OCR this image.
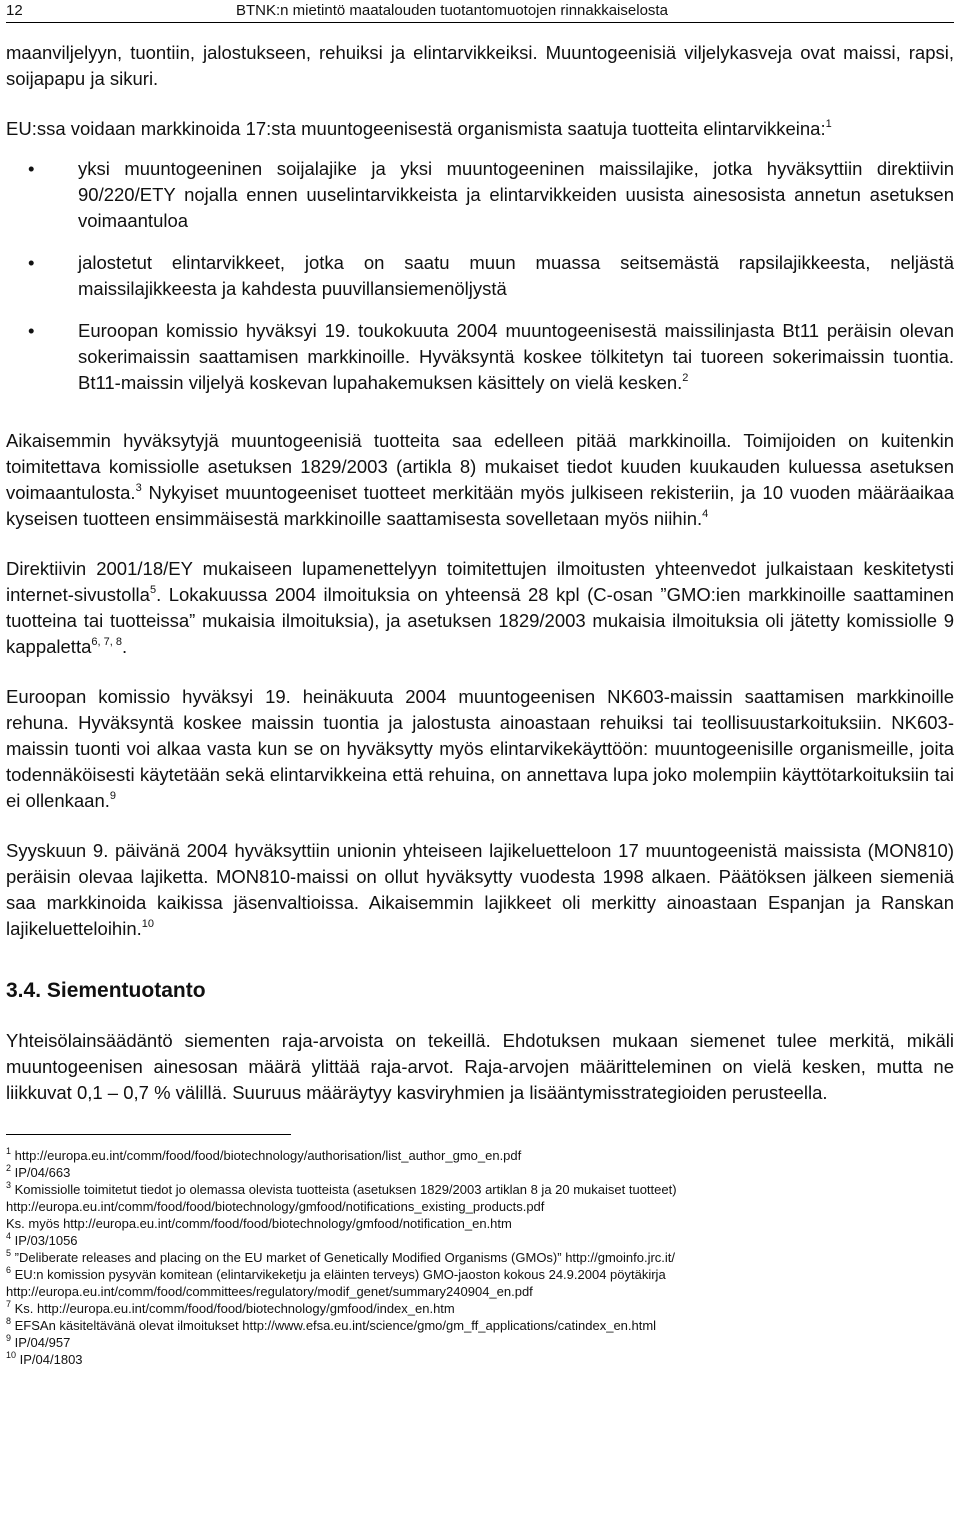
12	BTNK:n mietintö maatalouden tuotantomuotojen rinnakkaiselosta

maanviljelyyn, tuontiin, jalostukseen, rehuiksi ja elintarvikkeiksi. Muuntogeenisiä viljelykasveja ovat maissi, rapsi, soijapapu ja sikuri.

EU:ssa voidaan markkinoida 17:sta muuntogeenisestä organismista saatuja tuotteita elintarvikkeina:$^1$

• yksi muuntogeeninen soijalajike ja yksi muuntogeeninen maissilajike, jotka hyväksyttiin direktiivin 90/220/ETY nojalla ennen uuselintarvikkeista ja elintarvikkeiden uusista ainesosista annetun asetuksen voimaantuloa
• jalostetut elintarvikkeet, jotka on saatu muun muassa seitsemästä rapsilajikkeesta, neljästä maissilajikkeesta ja kahdesta puuvillansiemenöljystä
• Euroopan komissio hyväksyi 19. toukokuuta 2004 muuntogeenisestä maissilinjasta Bt11 peräisin olevan sokerimaissin saattamisen markkinoille. Hyväksyntä koskee tölkitetyn tai tuoreen sokerimaissin tuontia. Bt11-maissin viljelyä koskevan lupahakemuksen käsittely on vielä kesken.$^2$

Aikaisemmin hyväksytyjä muuntogeenisiä tuotteita saa edelleen pitää markkinoilla. Toimijoiden on kuitenkin toimitettava komissiolle asetuksen 1829/2003 (artikla 8) mukaiset tiedot kuuden kuukauden kuluessa asetuksen voimaantulosta.$^3$ Nykyiset muuntogeeniset tuotteet merkitään myös julkiseen rekisteriin, ja 10 vuoden määräaikaa kyseisen tuotteen ensimmäisestä markkinoille saattamisesta sovelletaan myös niihin.$^4$

Direktiivin 2001/18/EY mukaiseen lupamenettelyyn toimitettujen ilmoitusten yhteenvedot julkaistaan keskitetysti internet-sivustolla$^5$. Lokakuussa 2004 ilmoituksia on yhteensä 28 kpl (C-osan ”GMO:ien markkinoille saattaminen tuotteina tai tuotteissa” mukaisia ilmoituksia), ja asetuksen 1829/2003 mukaisia ilmoituksia oli jätetty komissiolle 9 kappaletta$^{6, 7, 8}$.

Euroopan komissio hyväksyi 19. heinäkuuta 2004 muuntogeenisen NK603-maissin saattamisen markkinoille rehuna. Hyväksyntä koskee maissin tuontia ja jalostusta ainoastaan rehuiksi tai teollisuustarkoituksiin. NK603-maissin tuonti voi alkaa vasta kun se on hyväksytty myös elintarvikekäyttöön: muuntogeenisille organismeille, joita todennäköisesti käytetään sekä elintarvikkeina että rehuina, on annettava lupa joko molempiin käyttötarkoituksiin tai ei ollenkaan.$^9$

Syyskuun 9. päivänä 2004 hyväksyttiin unionin yhteiseen lajikeluetteloon 17 muuntogeenistä maissista (MON810) peräisin olevaa lajiketta. MON810-maissi on ollut hyväksytty vuodesta 1998 alkaen. Päätöksen jälkeen siemeniä saa markkinoida kaikissa jäsenvaltioissa. Aikaisemmin lajikkeet oli merkitty ainoastaan Espanjan ja Ranskan lajikeluetteloihin.$^{10}$

3.4. Siementuotanto

Yhteisölainsäädäntö siementen raja-arvoista on tekeillä. Ehdotuksen mukaan siemenet tulee merkitä, mikäli muuntogeenisen ainesosan määrä ylittää raja-arvot. Raja-arvojen määritteleminen on vielä kesken, mutta ne liikkuvat 0,1 – 0,7 % välillä. Suuruus määräytyy kasviryhmien ja lisääntymisstrategioiden perusteella.

$^1$ http://europa.eu.int/comm/food/food/biotechnology/authorisation/list_author_gmo_en.pdf

$^2$ IP/04/663

$^3$ Komissiolle toimitetut tiedot jo olemassa olevista tuotteista (asetuksen 1829/2003 artiklan 8 ja 20 mukaiset tuotteet)

http://europa.eu.int/comm/food/food/biotechnology/gmfood/notifications_existing_products.pdf

Ks. myös http://europa.eu.int/comm/food/food/biotechnology/gmfood/notification_en.htm

$^4$ IP/03/1056

$^5$ ”Deliberate releases and placing on the EU market of Genetically Modified Organisms (GMOs)” http://gmoinfo.jrc.it/

$^6$ EU:n komission pysyvän komitean (elintarvikeketju ja eläinten terveys) GMO-jaoston kokous 24.9.2004 pöytäkirja

http://europa.eu.int/comm/food/committees/regulatory/modif_genet/summary240904_en.pdf

$^7$ Ks. http://europa.eu.int/comm/food/food/biotechnology/gmfood/index_en.htm

$^8$ EFSAn käsiteltävänä olevat ilmoitukset http://www.efsa.eu.int/science/gmo/gm_ff_applications/catindex_en.html

$^9$ IP/04/957

$^{10}$ IP/04/1803
